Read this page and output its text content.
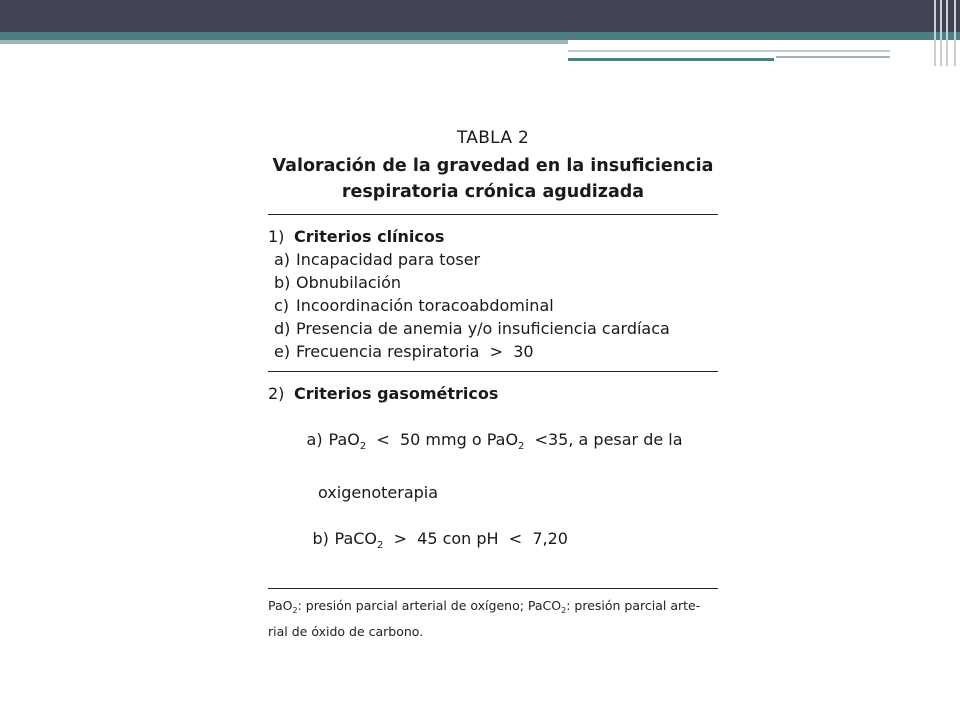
TABLA 2
Valoración de la gravedad en la insuficiencia
respiratoria crónica agudizada
1) Criterios clínicos
a) Incapacidad para toser
b) Obnubilación
c) Incoordinación toracoabdominal
d) Presencia de anemia y/o insuficiencia cardíaca
e) Frecuencia respiratoria  >  30
2) Criterios gasométricos

a) PaO$_2$  <  50 mmg o PaO$_2$  <35, a pesar de la

oxigenoterapia

b) PaCO$_2$  >  45 con pH  <  7,20

PaO$_2$: presión parcial arterial de oxígeno; PaCO$_2$: presión parcial arte-
rial de óxido de carbono.
